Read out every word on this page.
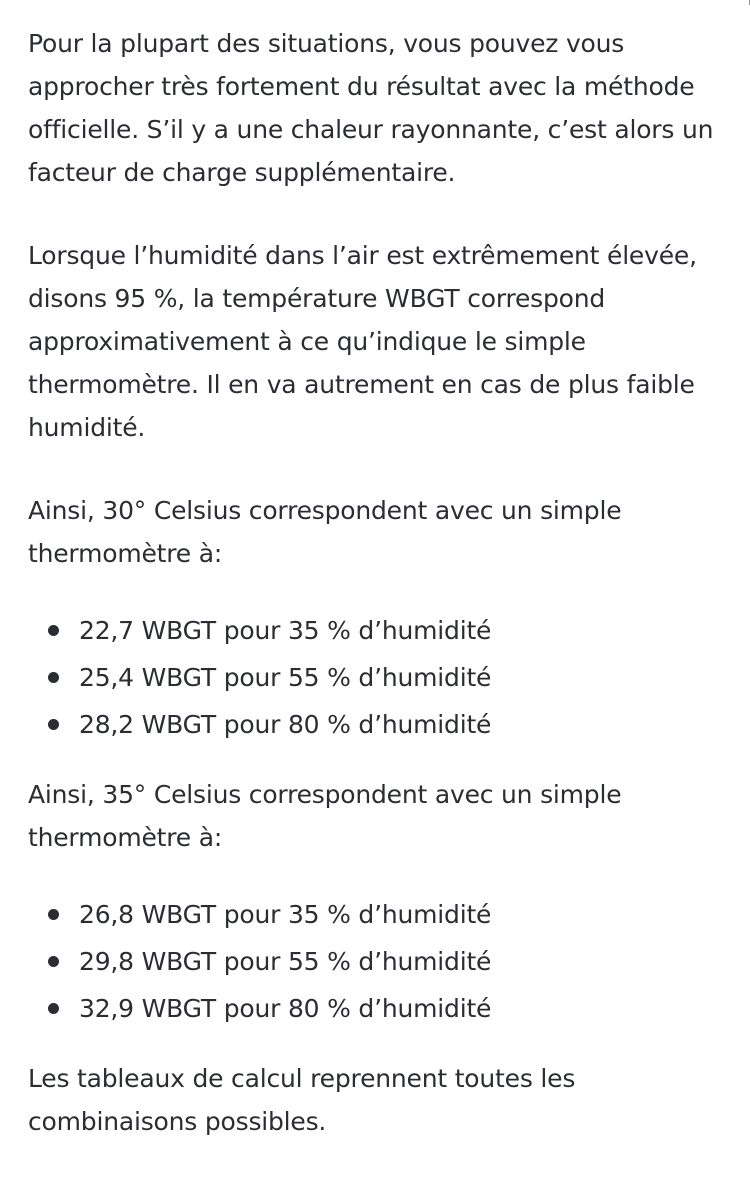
Pour la plupart des situations, vous pouvez vous approcher très fortement du résultat avec la méthode officielle. S’il y a une chaleur rayonnante, c’est alors un facteur de charge supplémentaire.

Lorsque l’humidité dans l’air est extrêmement élevée, disons 95 %, la température WBGT correspond approximativement à ce qu’indique le simple thermomètre. Il en va autrement en cas de plus faible humidité.

Ainsi, 30° Celsius correspondent avec un simple thermomètre à:

22,7 WBGT pour 35 % d’humidité
25,4 WBGT pour 55 % d’humidité
28,2 WBGT pour 80 % d’humidité

Ainsi, 35° Celsius correspondent avec un simple thermomètre à:

26,8 WBGT pour 35 % d’humidité
29,8 WBGT pour 55 % d’humidité
32,9 WBGT pour 80 % d’humidité

Les tableaux de calcul reprennent toutes les combinaisons possibles.
